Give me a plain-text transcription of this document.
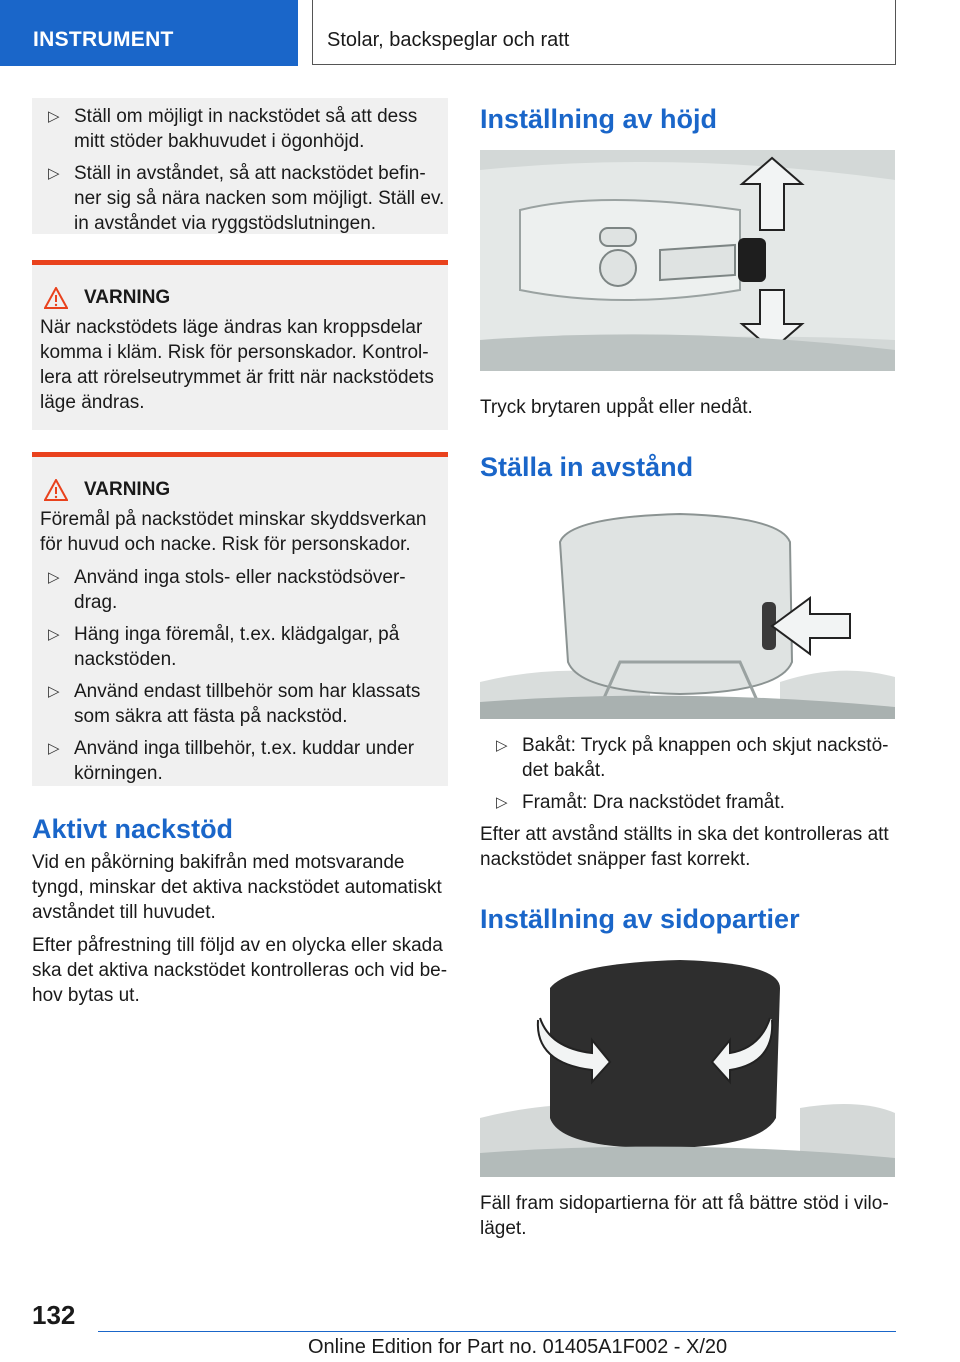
INSTRUMENT	Stolar, backspeglar och ratt
▷ Ställ om möjligt in nackstödet så att dess mitt stöder bakhuvudet i ögonhöjd.
▷ Ställ in avståndet, så att nackstödet befin-ner sig så nära nacken som möjligt. Ställ ev. in avståndet via ryggstödslutningen.
VARNING
När nackstödets läge ändras kan kroppsdelar komma i kläm. Risk för personskador. Kontrol-lera att rörelseutrymmet är fritt när nackstödets läge ändras.
VARNING
Föremål på nackstödet minskar skyddsverkan för huvud och nacke. Risk för personskador.
▷ Använd inga stols- eller nackstödsöver-drag.
▷ Häng inga föremål, t.ex. klädgalgar, på nackstöden.
▷ Använd endast tillbehör som har klassats som säkra att fästa på nackstöd.
▷ Använd inga tillbehör, t.ex. kuddar under körningen.
Aktivt nackstöd

Vid en påkörning bakifrån med motsvarande tyngd, minskar det aktiva nackstödet automatiskt avståndet till huvudet.

Efter påfrestning till följd av en olycka eller skada ska det aktiva nackstödet kontrolleras och vid be-hov bytas ut.

Inställning av höjd

Tryck brytaren uppåt eller nedåt.

Ställa in avstånd
▷ Bakåt: Tryck på knappen och skjut nackstö-det bakåt.
▷ Framåt: Dra nackstödet framåt.

Efter att avstånd ställts in ska det kontrolleras att nackstödet snäpper fast korrekt.

Inställning av sidopartier

Fäll fram sidopartierna för att få bättre stöd i vilo-läget.

132
Online Edition for Part no. 01405A1F002 - X/20
